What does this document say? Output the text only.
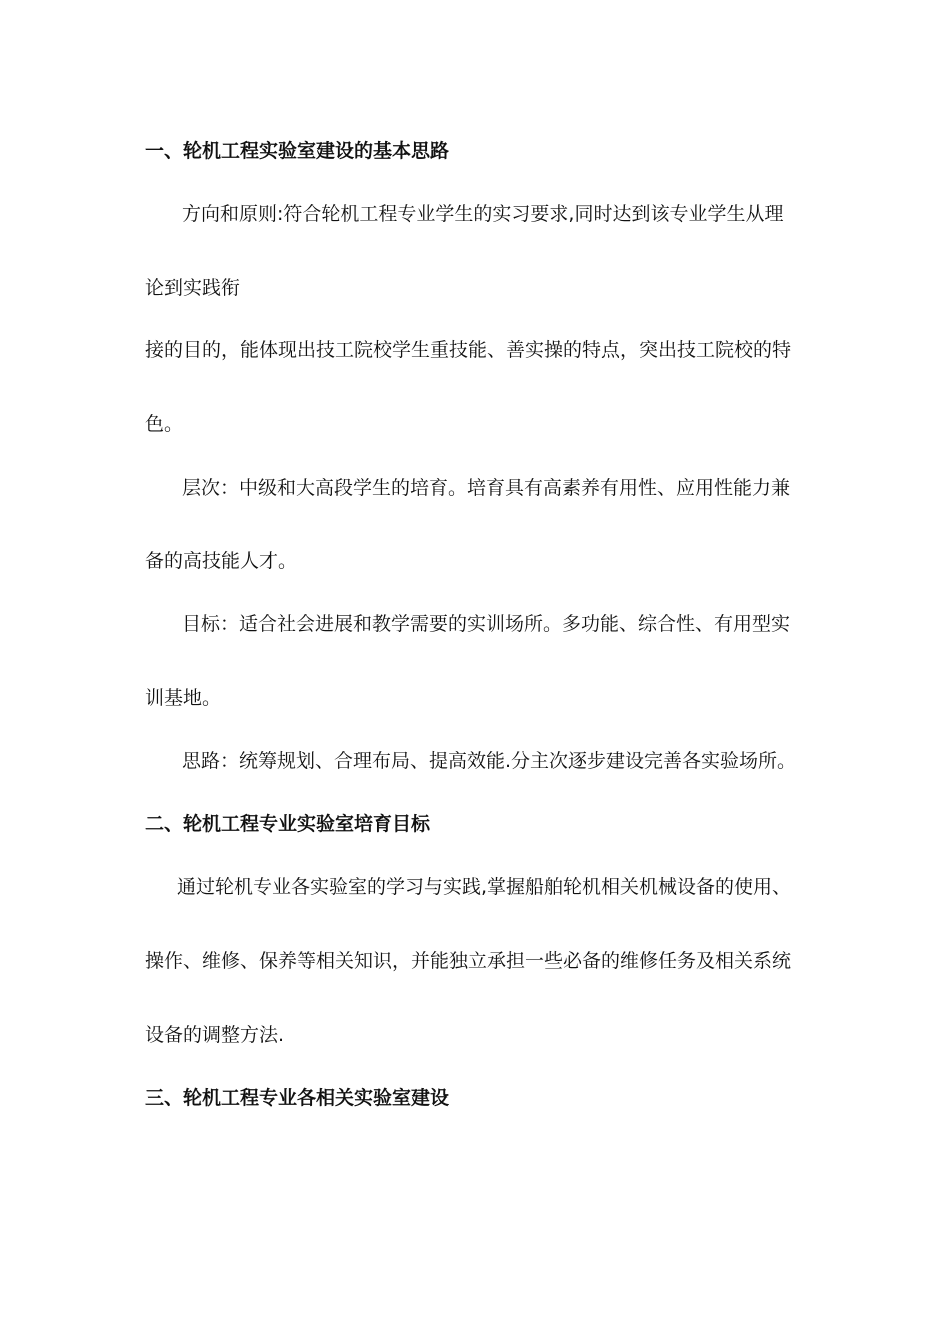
一、轮机工程实验室建设的基本思路

方向和原则:符合轮机工程专业学生的实习要求,同时达到该专业学生从理

论到实践衔

接的目的，能体现出技工院校学生重技能、善实操的特点，突出技工院校的特

色。

层次：中级和大高段学生的培育。培育具有高素养有用性、应用性能力兼

备的高技能人才。

目标：适合社会进展和教学需要的实训场所。多功能、综合性、有用型实

训基地。

思路：统筹规划、合理布局、提高效能.分主次逐步建设完善各实验场所。

二、轮机工程专业实验室培育目标

通过轮机专业各实验室的学习与实践,掌握船舶轮机相关机械设备的使用、

操作、维修、保养等相关知识，并能独立承担一些必备的维修任务及相关系统

设备的调整方法.

三、轮机工程专业各相关实验室建设
